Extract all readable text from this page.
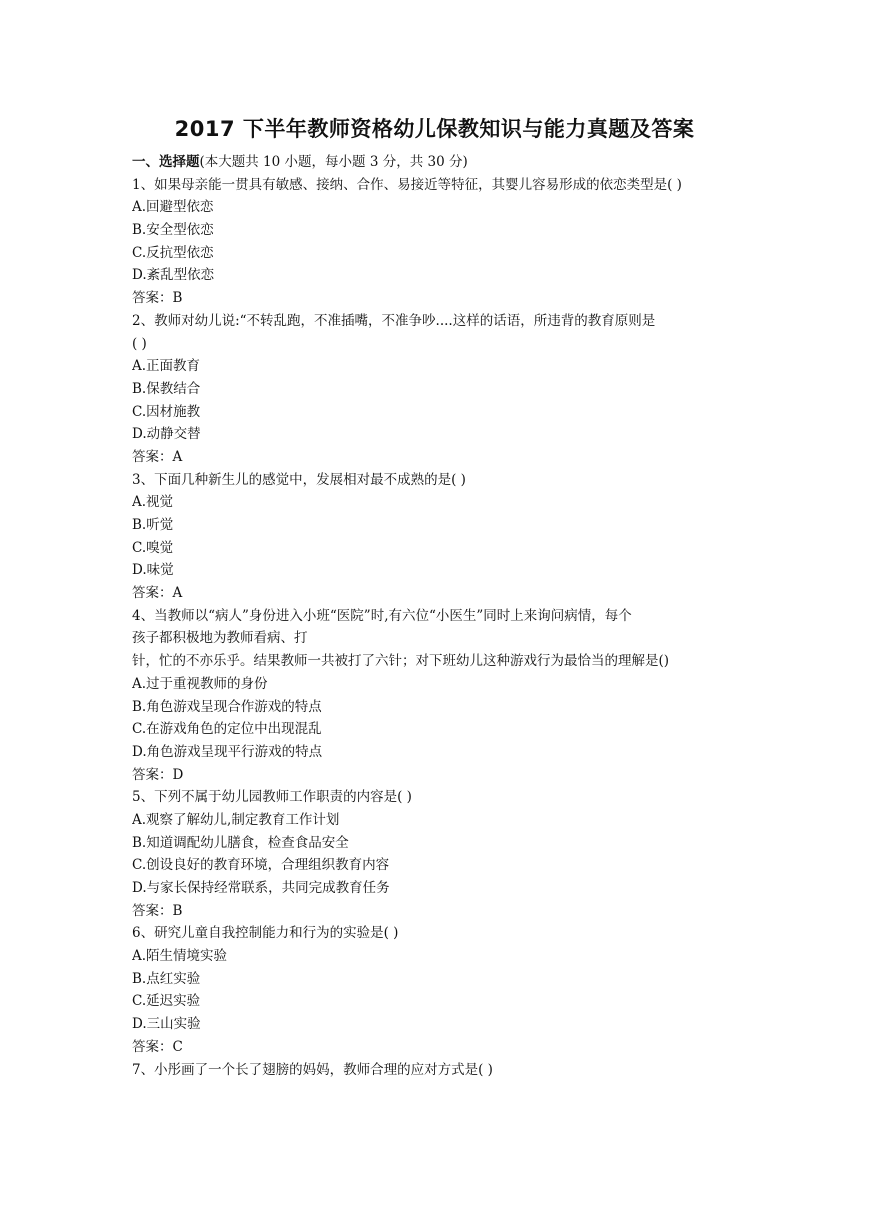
2017 下半年教师资格幼儿保教知识与能力真题及答案
一、选择题(本大题共 10 小题，每小题 3 分，共 30 分)
1、如果母亲能一贯具有敏感、接纳、合作、易接近等特征，其婴儿容易形成的依恋类型是( )
A.回避型依恋
B.安全型依恋
C.反抗型依恋
D.紊乱型依恋
答案：B
2、教师对幼儿说:“不转乱跑，不准插嘴，不准争吵....这样的话语，所违背的教育原则是
( )
A.正面教育
B.保教结合
C.因材施教
D.动静交替
答案：A
3、下面几种新生儿的感觉中，发展相对最不成熟的是( )
A.视觉
B.听觉
C.嗅觉
D.味觉
答案：A
4、当教师以“病人”身份进入小班“医院”时,有六位“小医生”同时上来询问病情，每个
孩子都积极地为教师看病、打
针，忙的不亦乐乎。结果教师一共被打了六针；对下班幼儿这种游戏行为最恰当的理解是()
A.过于重视教师的身份
B.角色游戏呈现合作游戏的特点
C.在游戏角色的定位中出现混乱
D.角色游戏呈现平行游戏的特点
答案：D
5、下列不属于幼儿园教师工作职责的内容是( )
A.观察了解幼儿,制定教育工作计划
B.知道调配幼儿膳食，检查食品安全
C.创设良好的教育环境，合理组织教育内容
D.与家长保持经常联系，共同完成教育任务
答案：B
6、研究儿童自我控制能力和行为的实验是( )
A.陌生情境实验
B.点红实验
C.延迟实验
D.三山实验
答案：C
7、小彤画了一个长了翅膀的妈妈，教师合理的应对方式是( )
